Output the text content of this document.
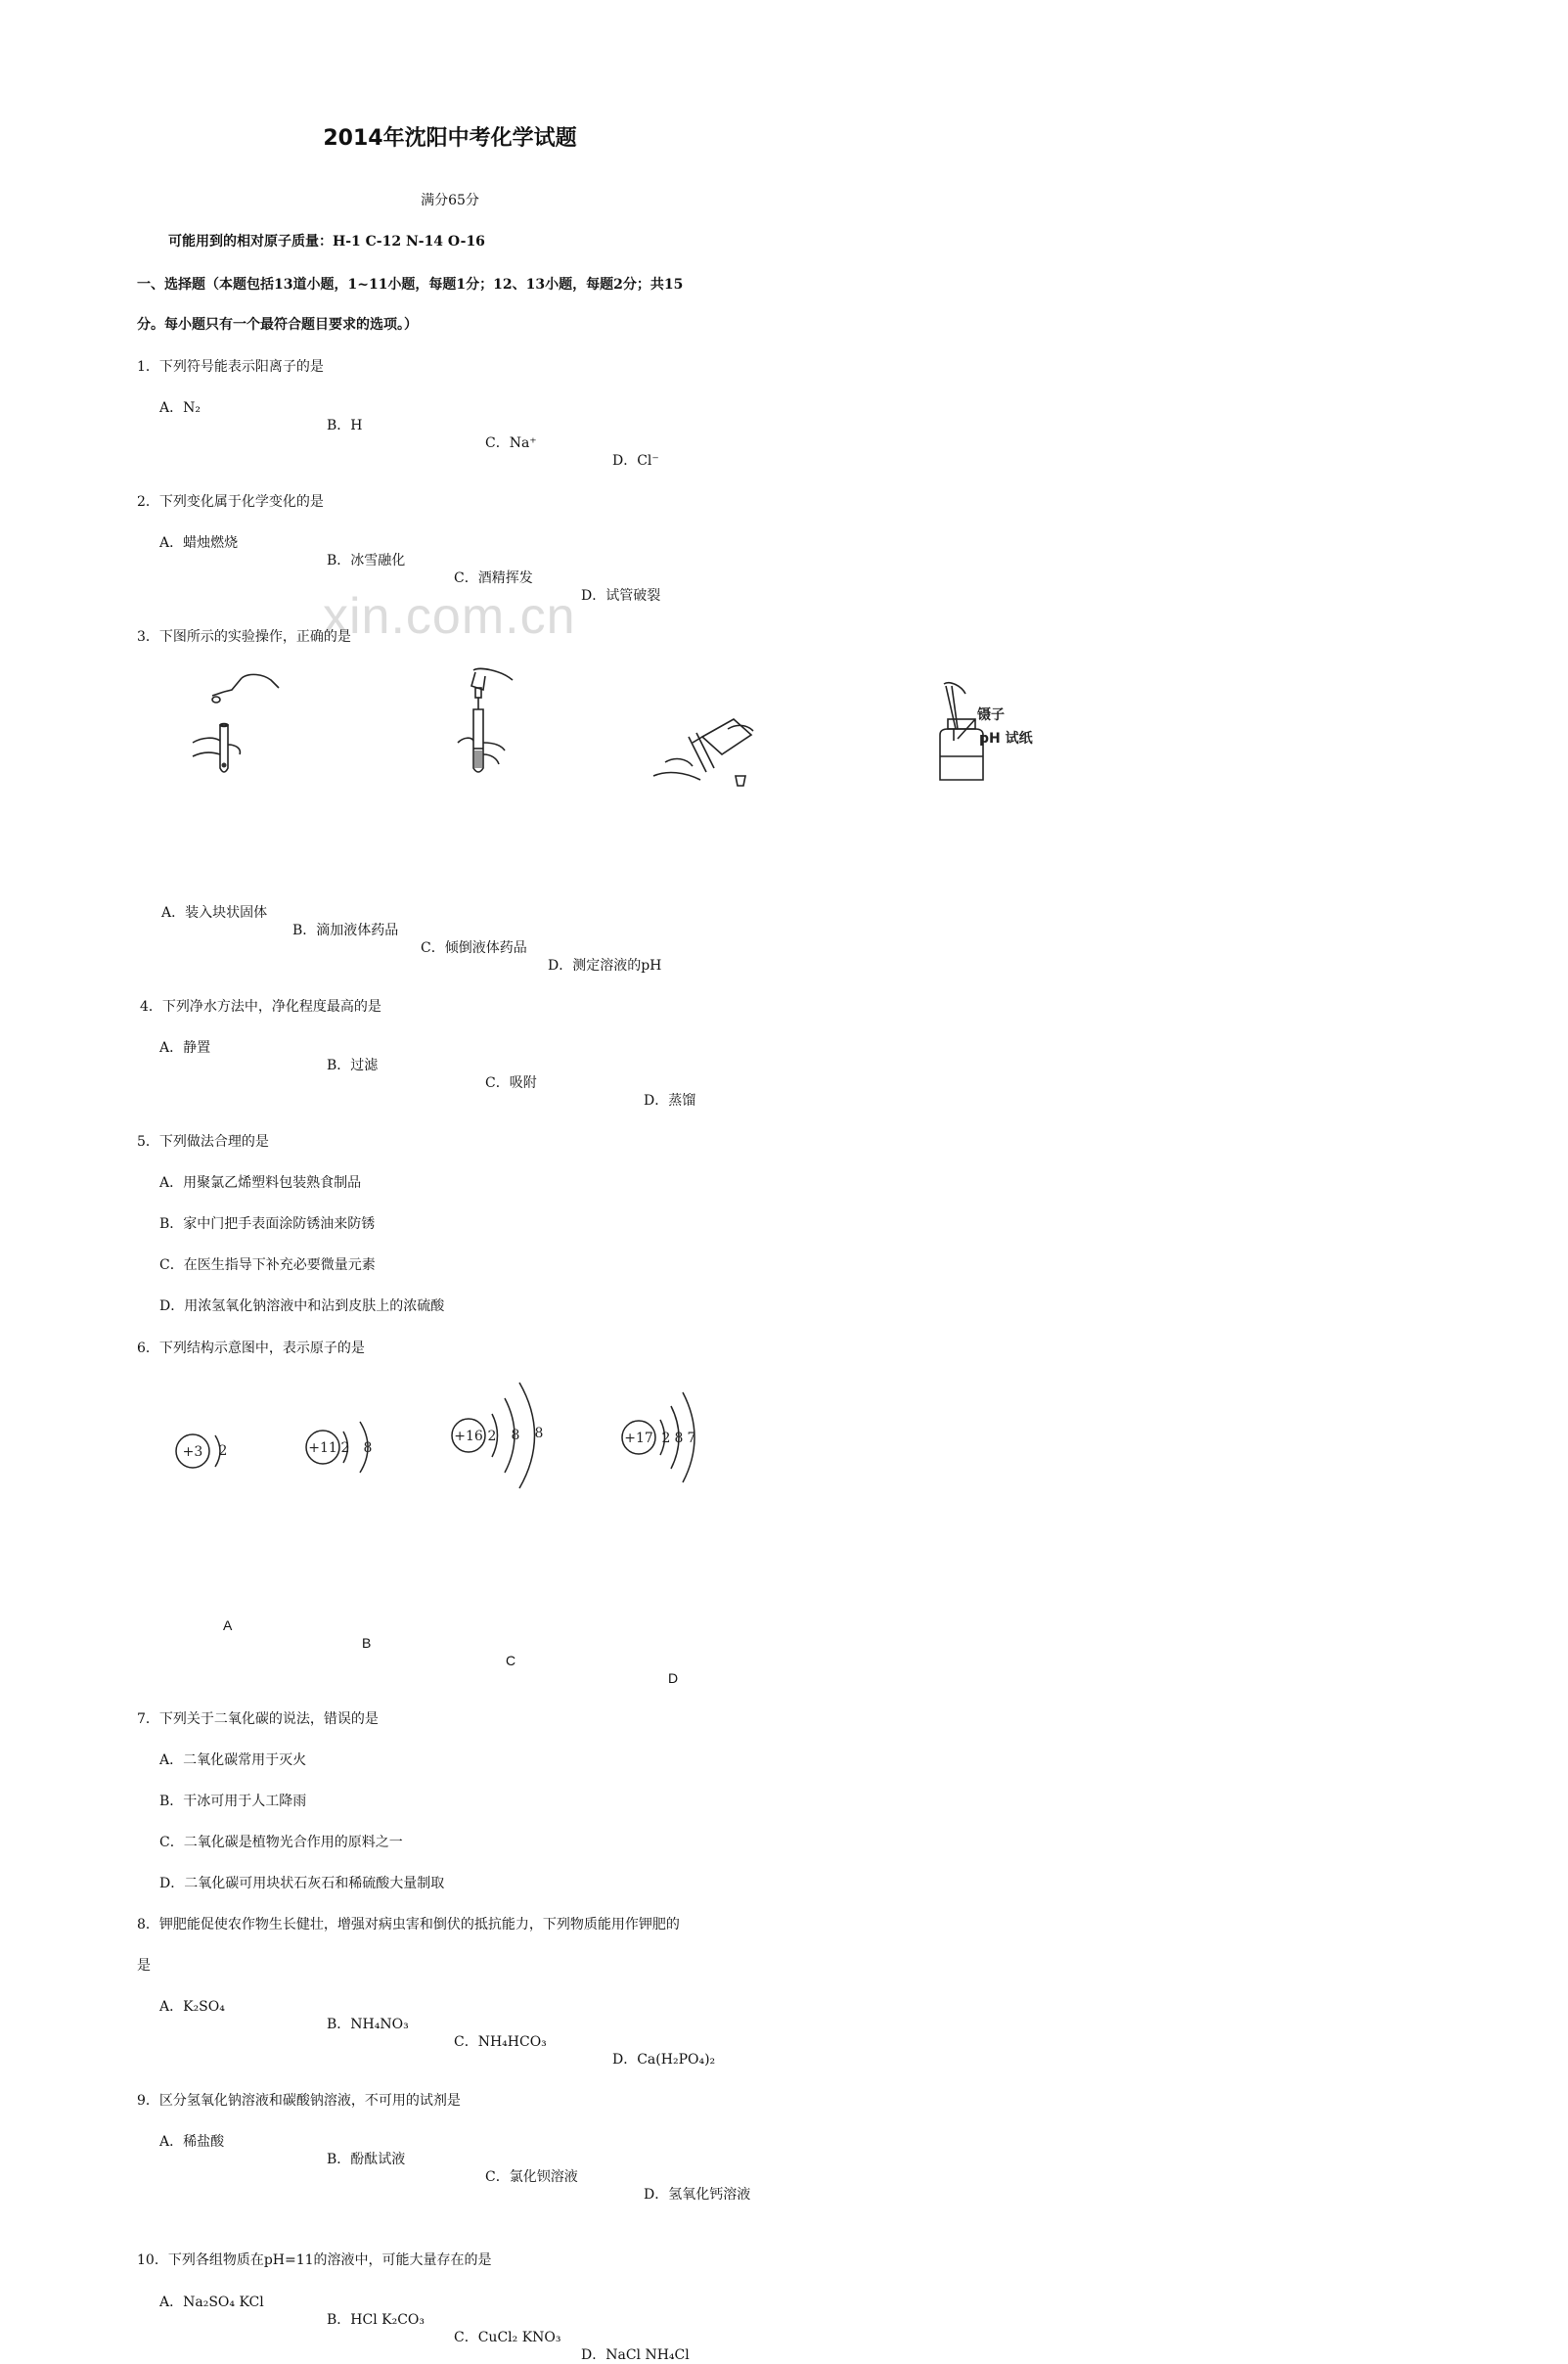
xin.com.cn
2014年沈阳中考化学试题
满分65分
可能用到的相对原子质量：H-1 C-12 N-14 O-16
一、选择题（本题包括13道小题，1~11小题，每题1分；12、13小题，每题2分；共15
分。每小题只有一个最符合题目要求的选项。）
1．下列符号能表示阳离子的是
A．N₂
B．H
C．Na⁺
D．Cl⁻
2．下列变化属于化学变化的是
A．蜡烛燃烧
B．冰雪融化
C．酒精挥发
D．试管破裂
3．下图所示的实验操作，正确的是

镊子
pH 试纸
A．装入块状固体
B．滴加液体药品
C．倾倒液体药品
D．测定溶液的pH
4．下列净水方法中，净化程度最高的是
A．静置
B．过滤
C．吸附
D．蒸馏
5．下列做法合理的是
A．用聚氯乙烯塑料包装熟食制品
B．家中门把手表面涂防锈油来防锈
C．在医生指导下补充必要微量元素
D．用浓氢氧化钠溶液中和沾到皮肤上的浓硫酸
6．下列结构示意图中，表示原子的是
+3 2	+11 2 8
+16 2 8 8	+17 2 8 7
A
B
C
D
7．下列关于二氧化碳的说法，错误的是
A．二氧化碳常用于灭火
B．干冰可用于人工降雨
C．二氧化碳是植物光合作用的原料之一
D．二氧化碳可用块状石灰石和稀硫酸大量制取
8．钾肥能促使农作物生长健壮，增强对病虫害和倒伏的抵抗能力，下列物质能用作钾肥的
是
A．K₂SO₄
B．NH₄NO₃
C．NH₄HCO₃
D．Ca(H₂PO₄)₂
9．区分氢氧化钠溶液和碳酸钠溶液，不可用的试剂是
A．稀盐酸
B．酚酞试液
C．氯化钡溶液
D．氢氧化钙溶液
10．下列各组物质在pH=11的溶液中，可能大量存在的是
A．Na₂SO₄ KCl
B．HCl K₂CO₃
C．CuCl₂ KNO₃
D．NaCl NH₄Cl
